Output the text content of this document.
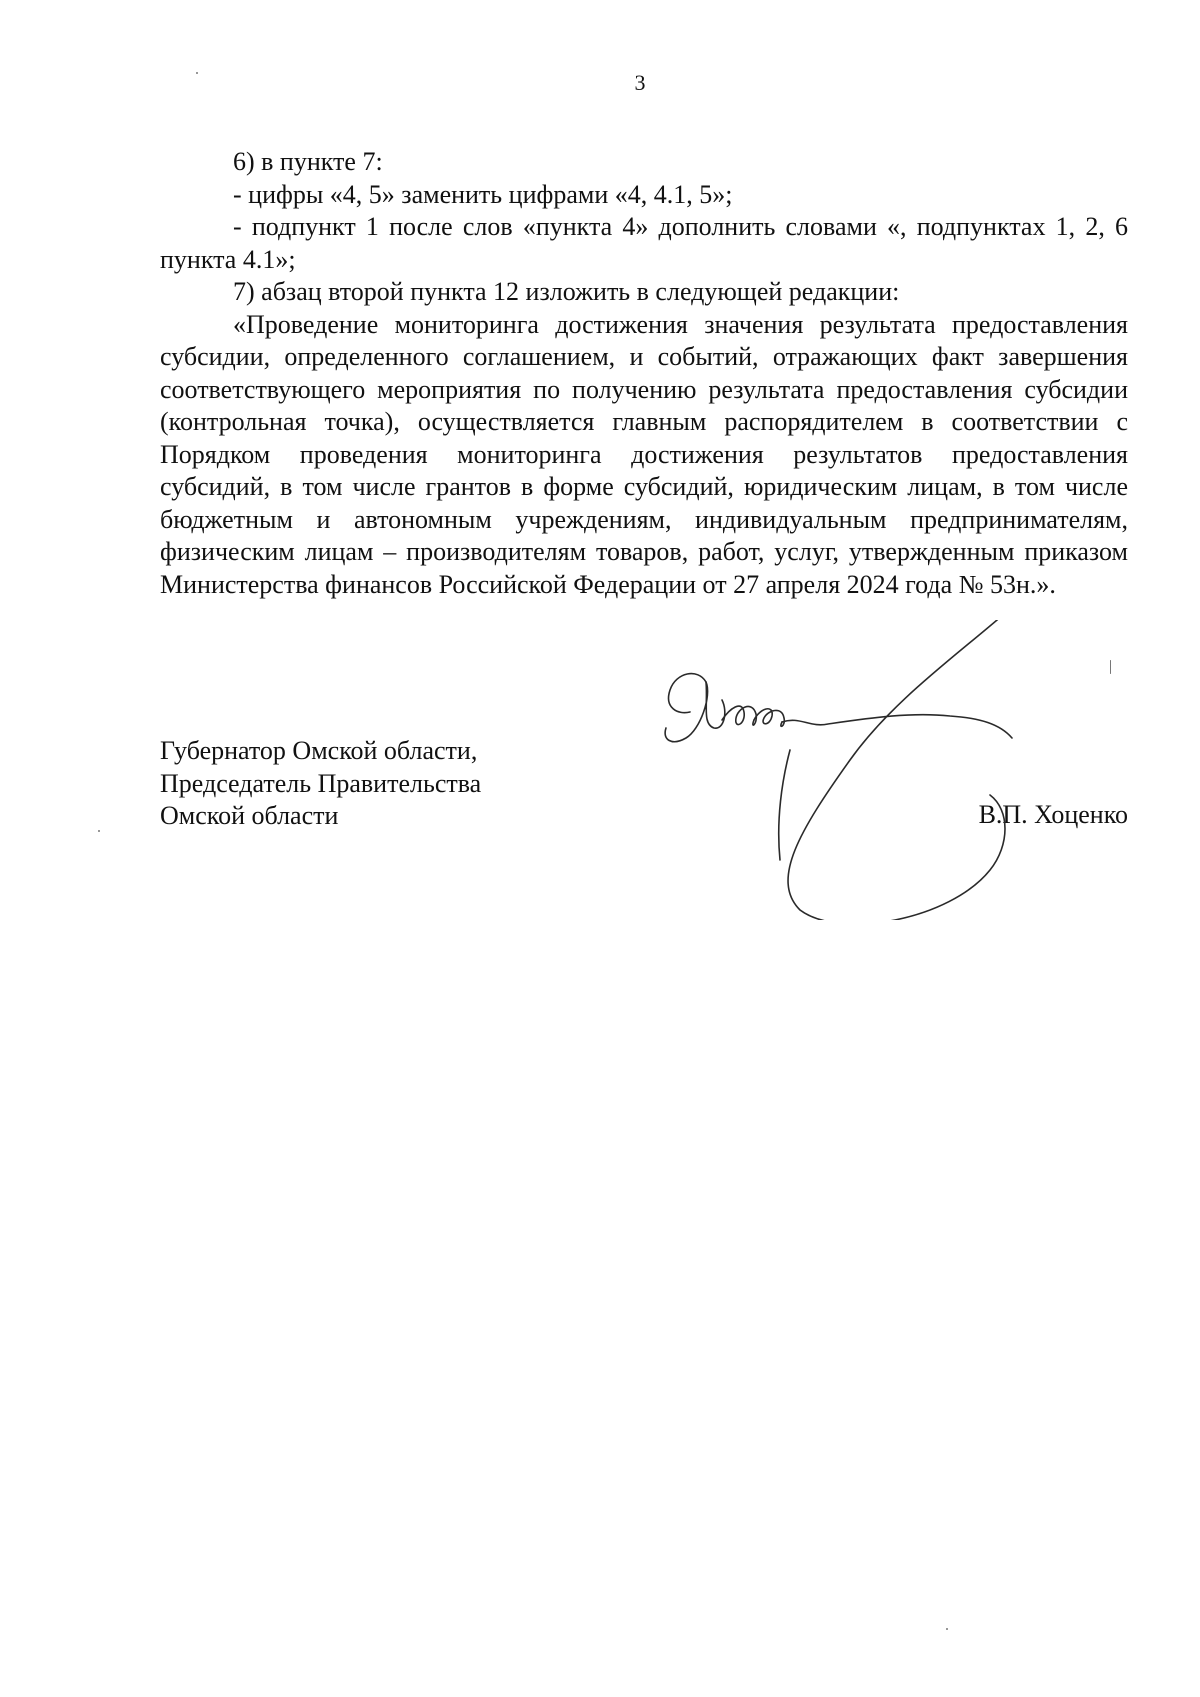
3

6) в пункте 7:

- цифры «4, 5» заменить цифрами «4, 4.1, 5»;

- подпункт 1 после слов «пункта 4» дополнить словами «, подпунктах 1, 2, 6 пункта 4.1»;

7) абзац второй пункта 12 изложить в следующей редакции:

«Проведение мониторинга достижения значения результата предоставления субсидии, определенного соглашением, и событий, отражающих факт завершения соответствующего мероприятия по получению результата предоставления субсидии (контрольная точка), осуществляется главным распорядителем в соответствии с Порядком проведения мониторинга достижения результатов предоставления субсидий, в том числе грантов в форме субсидий, юридическим лицам, в том числе бюджетным и автономным учреждениям, индивидуальным предпринимателям, физическим лицам – производителям товаров, работ, услуг, утвержденным приказом Министерства финансов Российской Федерации от 27 апреля 2024 года № 53н.».

Губернатор Омской области,
Председатель Правительства
Омской области	В.П. Хоценко
